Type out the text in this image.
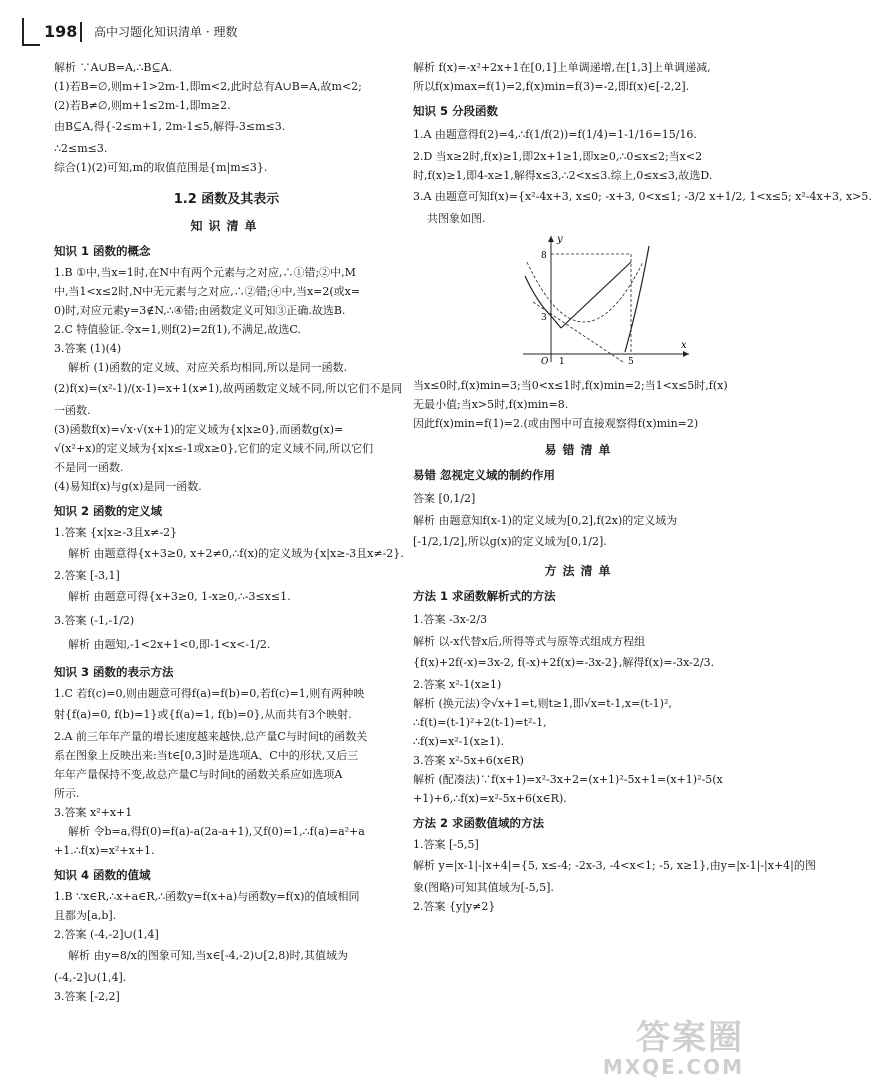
198 高中习题化知识清单 · 理数
解析 ∵A∪B=A,∴B⊆A.
(1)若B=∅,则m+1>2m-1,即m<2,此时总有A∪B=A,故m<2;
(2)若B≠∅,则m+1≤2m-1,即m≥2.
由B⊆A,得{-2≤m+1, 2m-1≤5,解得-3≤m≤3.
∴2≤m≤3.
综合(1)(2)可知,m的取值范围是{m|m≤3}.
1.2 函数及其表示
知识清单
知识 1 函数的概念
1.B ①中,当x=1时,在N中有两个元素与之对应,∴①错;②中,M
中,当1<x≤2时,N中无元素与之对应,∴②错;④中,当x=2(或x=
0)时,对应元素y=3∉N,∴④错;由函数定义可知③正确.故选B.
2.C 特值验证.令x=1,则f(2)=2f(1),不满足,故选C.
3.答案 (1)(4)
解析 (1)函数的定义域、对应关系均相同,所以是同一函数.
(2)f(x)=(x²-1)/(x-1)=x+1(x≠1),故两函数定义域不同,所以它们不是同
一函数.
(3)函数f(x)=√x·√(x+1)的定义域为{x|x≥0},而函数g(x)=
√(x²+x)的定义域为{x|x≤-1或x≥0},它们的定义域不同,所以它们
不是同一函数.
(4)易知f(x)与g(x)是同一函数.
知识 2 函数的定义域
1.答案 {x|x≥-3且x≠-2}
解析 由题意得{x+3≥0, x+2≠0,∴f(x)的定义域为{x|x≥-3且x≠-2}.
2.答案 [-3,1]
解析 由题意可得{x+3≥0, 1-x≥0,∴-3≤x≤1.
3.答案 (-1,-1/2)
解析 由题知,-1<2x+1<0,即-1<x<-1/2.
知识 3 函数的表示方法
1.C 若f(c)=0,则由题意可得f(a)=f(b)=0,若f(c)=1,则有两种映
射{f(a)=0, f(b)=1}或{f(a)=1, f(b)=0},从而共有3个映射.
2.A 前三年年产量的增长速度越来越快,总产量C与时间t的函数关
系在图象上反映出来:当t∈[0,3]时是选项A、C中的形状,又后三
年年产量保持不变,故总产量C与时间t的函数关系应如选项A
所示.
3.答案 x²+x+1
解析 令b=a,得f(0)=f(a)-a(2a-a+1),又f(0)=1,∴f(a)=a²+a
+1.∴f(x)=x²+x+1.
知识 4 函数的值域
1.B ∵x∈R,∴x+a∈R,∴函数y=f(x+a)与函数y=f(x)的值域相同
且都为[a,b].
2.答案 (-4,-2]∪(1,4]
解析 由y=8/x的图象可知,当x∈[-4,-2)∪[2,8)时,其值域为
(-4,-2]∪(1,4].
3.答案 [-2,2]
解析 f(x)=-x²+2x+1在[0,1]上单调递增,在[1,3]上单调递减,
所以f(x)max=f(1)=2,f(x)min=f(3)=-2,即f(x)∈[-2,2].
知识 5 分段函数
1.A 由题意得f(2)=4,∴f(1/f(2))=f(1/4)=1-1/16=15/16.
2.D 当x≥2时,f(x)≥1,即2x+1≥1,即x≥0,∴0≤x≤2;当x<2
时,f(x)≥1,即4-x≥1,解得x≤3,∴2<x≤3.综上,0≤x≤3,故选D.
3.A 由题意可知f(x)={x²-4x+3, x≤0; -x+3, 0<x≤1; -3/2 x+1/2, 1<x≤5; x²-4x+3, x>5.
共图象如图.
y
x
O 1	5
3
8
当x≤0时,f(x)min=3;当0<x≤1时,f(x)min=2;当1<x≤5时,f(x)
无最小值;当x>5时,f(x)min=8.
因此f(x)min=f(1)=2.(或由图中可直接观察得f(x)min=2)
易错清单
易错 忽视定义域的制约作用
答案 [0,1/2]
解析 由题意知f(x-1)的定义域为[0,2],f(2x)的定义域为
[-1/2,1/2],所以g(x)的定义域为[0,1/2].
方法清单
方法 1 求函数解析式的方法
1.答案 -3x-2/3
解析 以-x代替x后,所得等式与原等式组成方程组
{f(x)+2f(-x)=3x-2, f(-x)+2f(x)=-3x-2},解得f(x)=-3x-2/3.
2.答案 x²-1(x≥1)
解析 (换元法)令√x+1=t,则t≥1,即√x=t-1,x=(t-1)²,
∴f(t)=(t-1)²+2(t-1)=t²-1,
∴f(x)=x²-1(x≥1).
3.答案 x²-5x+6(x∈R)
解析 (配凑法)∵f(x+1)=x²-3x+2=(x+1)²-5x+1=(x+1)²-5(x
+1)+6,∴f(x)=x²-5x+6(x∈R).
方法 2 求函数值域的方法
1.答案 [-5,5]
解析 y=|x-1|-|x+4|={5, x≤-4; -2x-3, -4<x<1; -5, x≥1},由y=|x-1|-|x+4|的图
象(图略)可知其值域为[-5,5].
2.答案 {y|y≠2}
答案圈
MXQE.COM
